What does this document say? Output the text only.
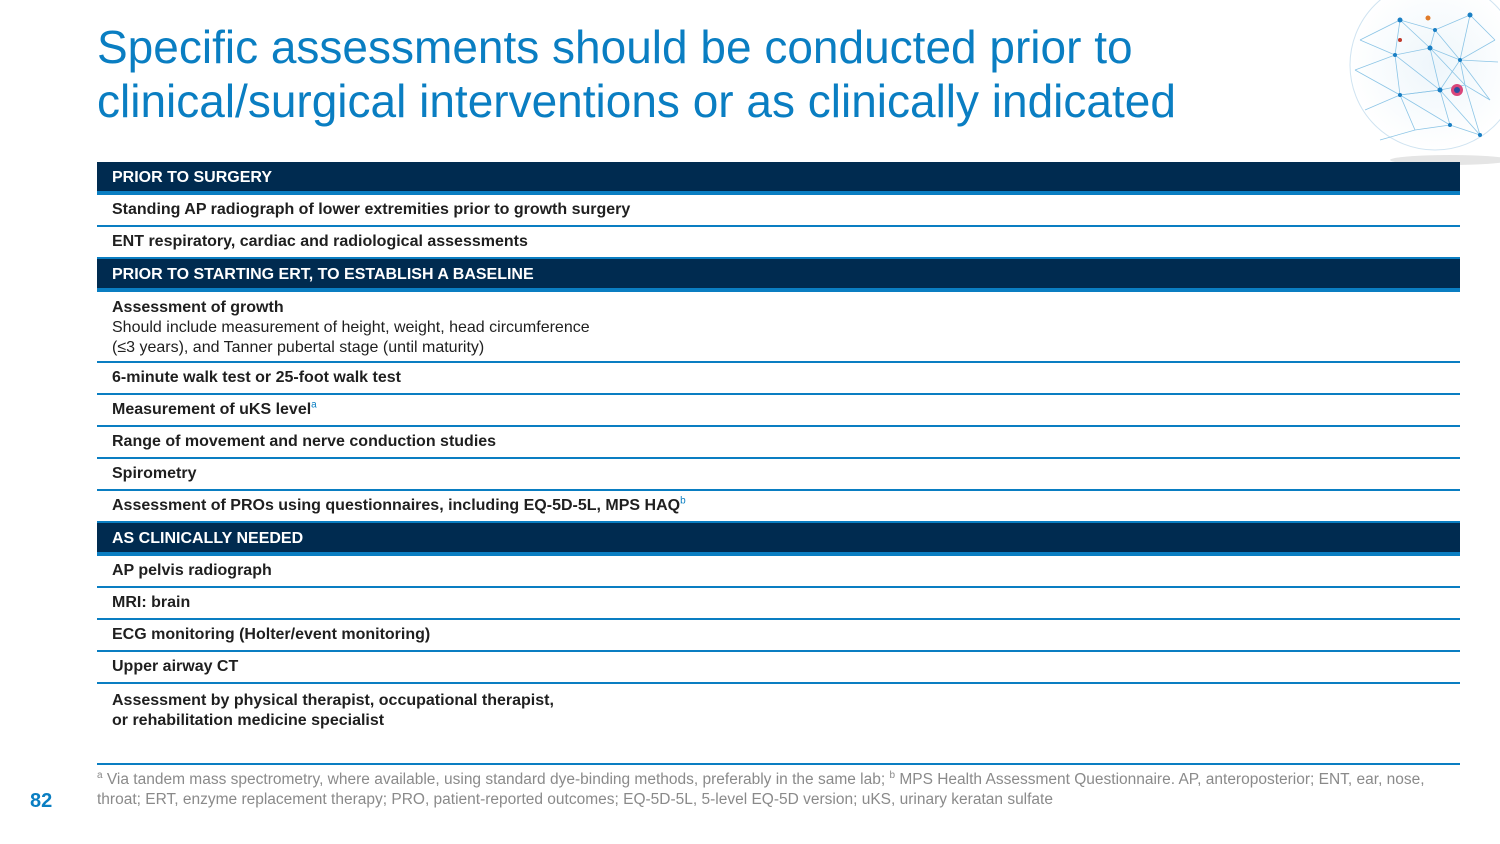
Specific assessments should be conducted prior to clinical/surgical interventions or as clinically indicated
PRIOR TO SURGERY
Standing AP radiograph of lower extremities prior to growth surgery
ENT respiratory, cardiac and radiological assessments
PRIOR TO STARTING ERT, TO ESTABLISH A BASELINE
Assessment of growth
Should include measurement of height, weight, head circumference
(≤3 years), and Tanner pubertal stage (until maturity)
6-minute walk test or 25-foot walk test
Measurement of uKS level$^a$
Range of movement and nerve conduction studies
Spirometry
Assessment of PROs using questionnaires, including EQ-5D-5L, MPS HAQ$^b$
AS CLINICALLY NEEDED
AP pelvis radiograph
MRI: brain
ECG monitoring (Holter/event monitoring)
Upper airway CT
Assessment by physical therapist, occupational therapist,
or rehabilitation medicine specialist
$^a$ Via tandem mass spectrometry, where available, using standard dye-binding methods, preferably in the same lab; $^b$ MPS Health Assessment Questionnaire. AP, anteroposterior; ENT, ear, nose, throat; ERT, enzyme replacement therapy; PRO, patient-reported outcomes; EQ-5D-5L, 5-level EQ-5D version; uKS, urinary keratan sulfate
82
